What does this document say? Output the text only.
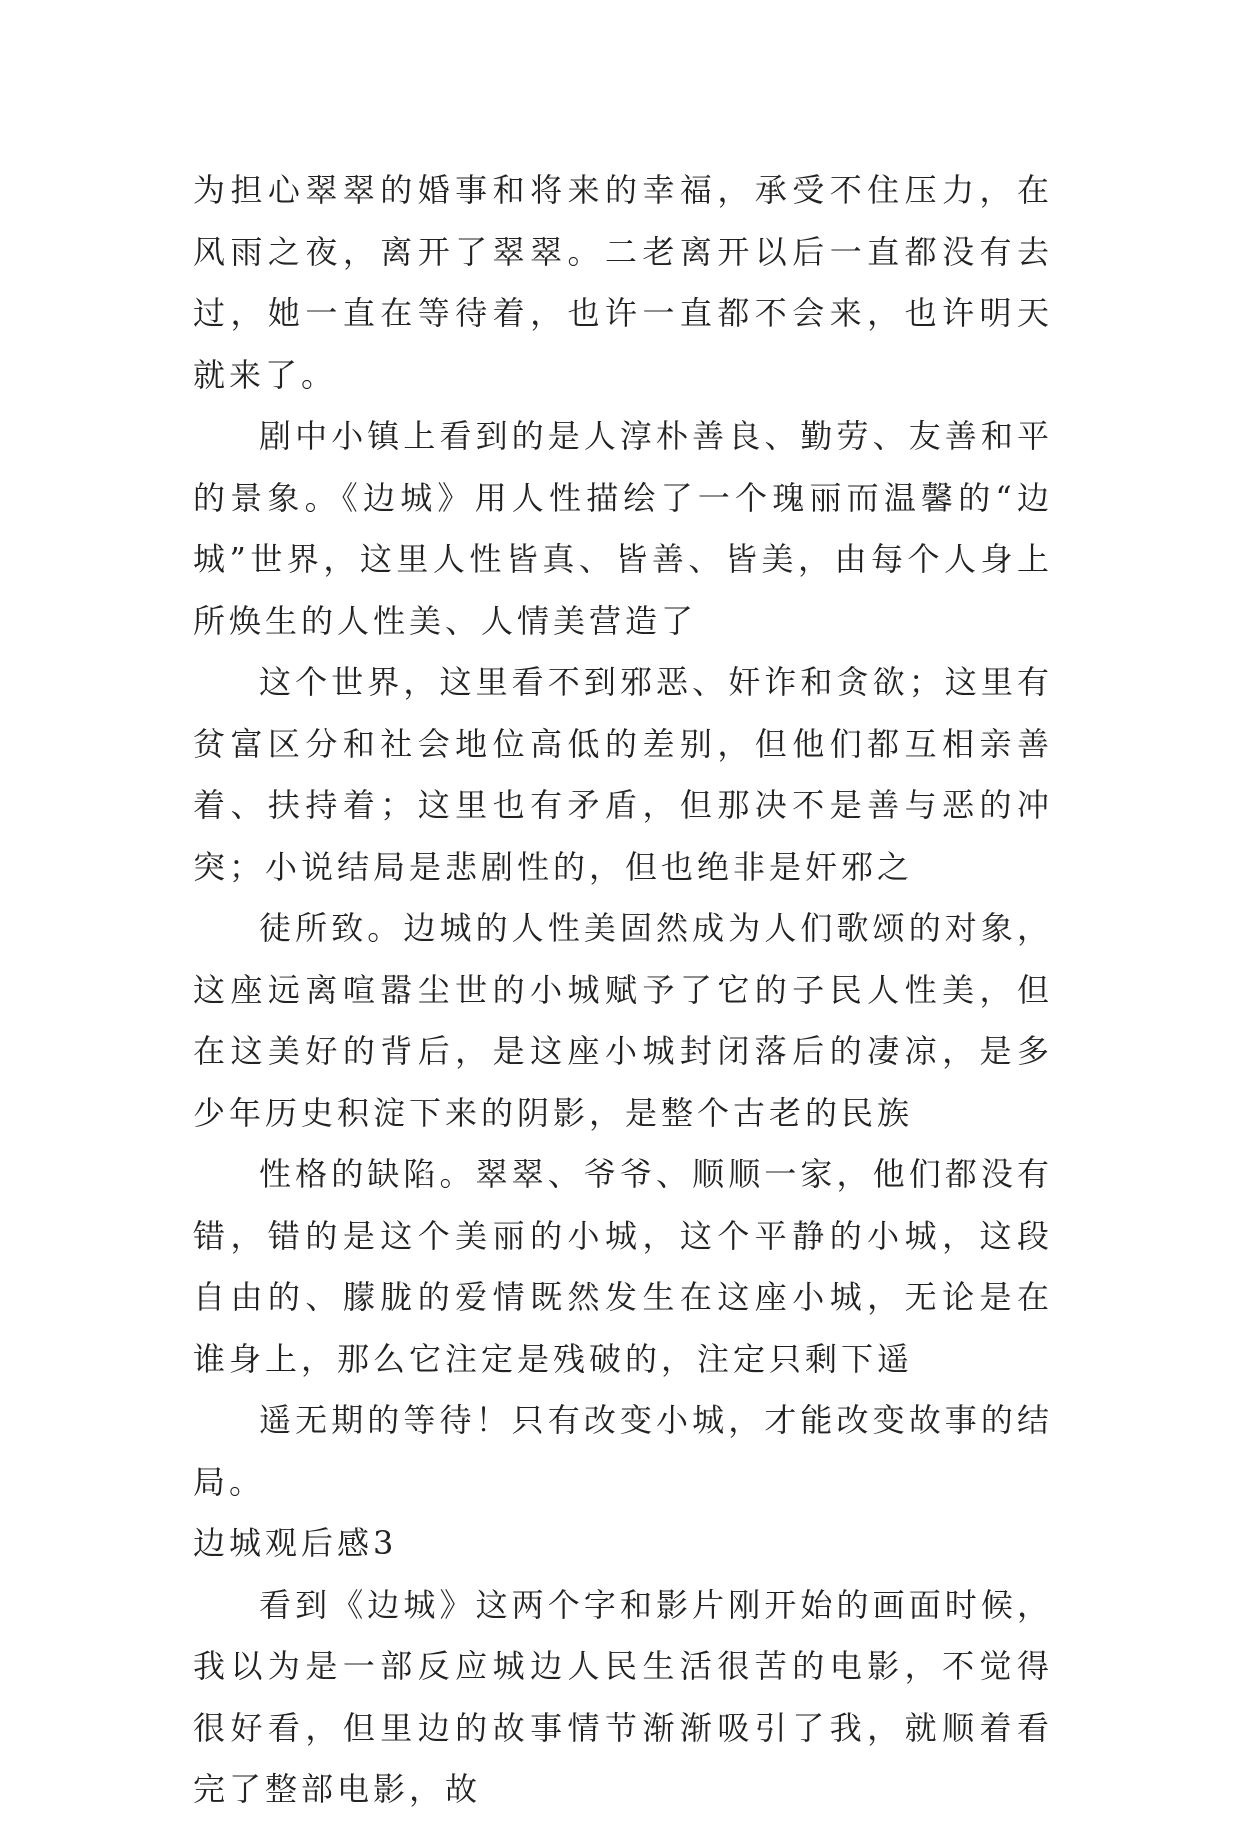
为担心翠翠的婚事和将来的幸福，承受不住压力，在风雨之夜，离开了翠翠。二老离开以后一直都没有去过，她一直在等待着，也许一直都不会来，也许明天就来了。

剧中小镇上看到的是人淳朴善良、勤劳、友善和平的景象。《边城》用人性描绘了一个瑰丽而温馨的“边城”世界，这里人性皆真、皆善、皆美，由每个人身上所焕生的人性美、人情美营造了

这个世界，这里看不到邪恶、奸诈和贪欲；这里有贫富区分和社会地位高低的差别，但他们都互相亲善着、扶持着；这里也有矛盾，但那决不是善与恶的冲突；小说结局是悲剧性的，但也绝非是奸邪之

徒所致。边城的人性美固然成为人们歌颂的对象，这座远离喧嚣尘世的小城赋予了它的子民人性美，但在这美好的背后，是这座小城封闭落后的凄凉，是多少年历史积淀下来的阴影，是整个古老的民族

性格的缺陷。翠翠、爷爷、顺顺一家，他们都没有错，错的是这个美丽的小城，这个平静的小城，这段自由的、朦胧的爱情既然发生在这座小城，无论是在谁身上，那么它注定是残破的，注定只剩下遥

遥无期的等待！只有改变小城，才能改变故事的结局。

边城观后感3

看到《边城》这两个字和影片刚开始的画面时候，我以为是一部反应城边人民生活很苦的电影，不觉得很好看，但里边的故事情节渐渐吸引了我，就顺着看完了整部电影，故
